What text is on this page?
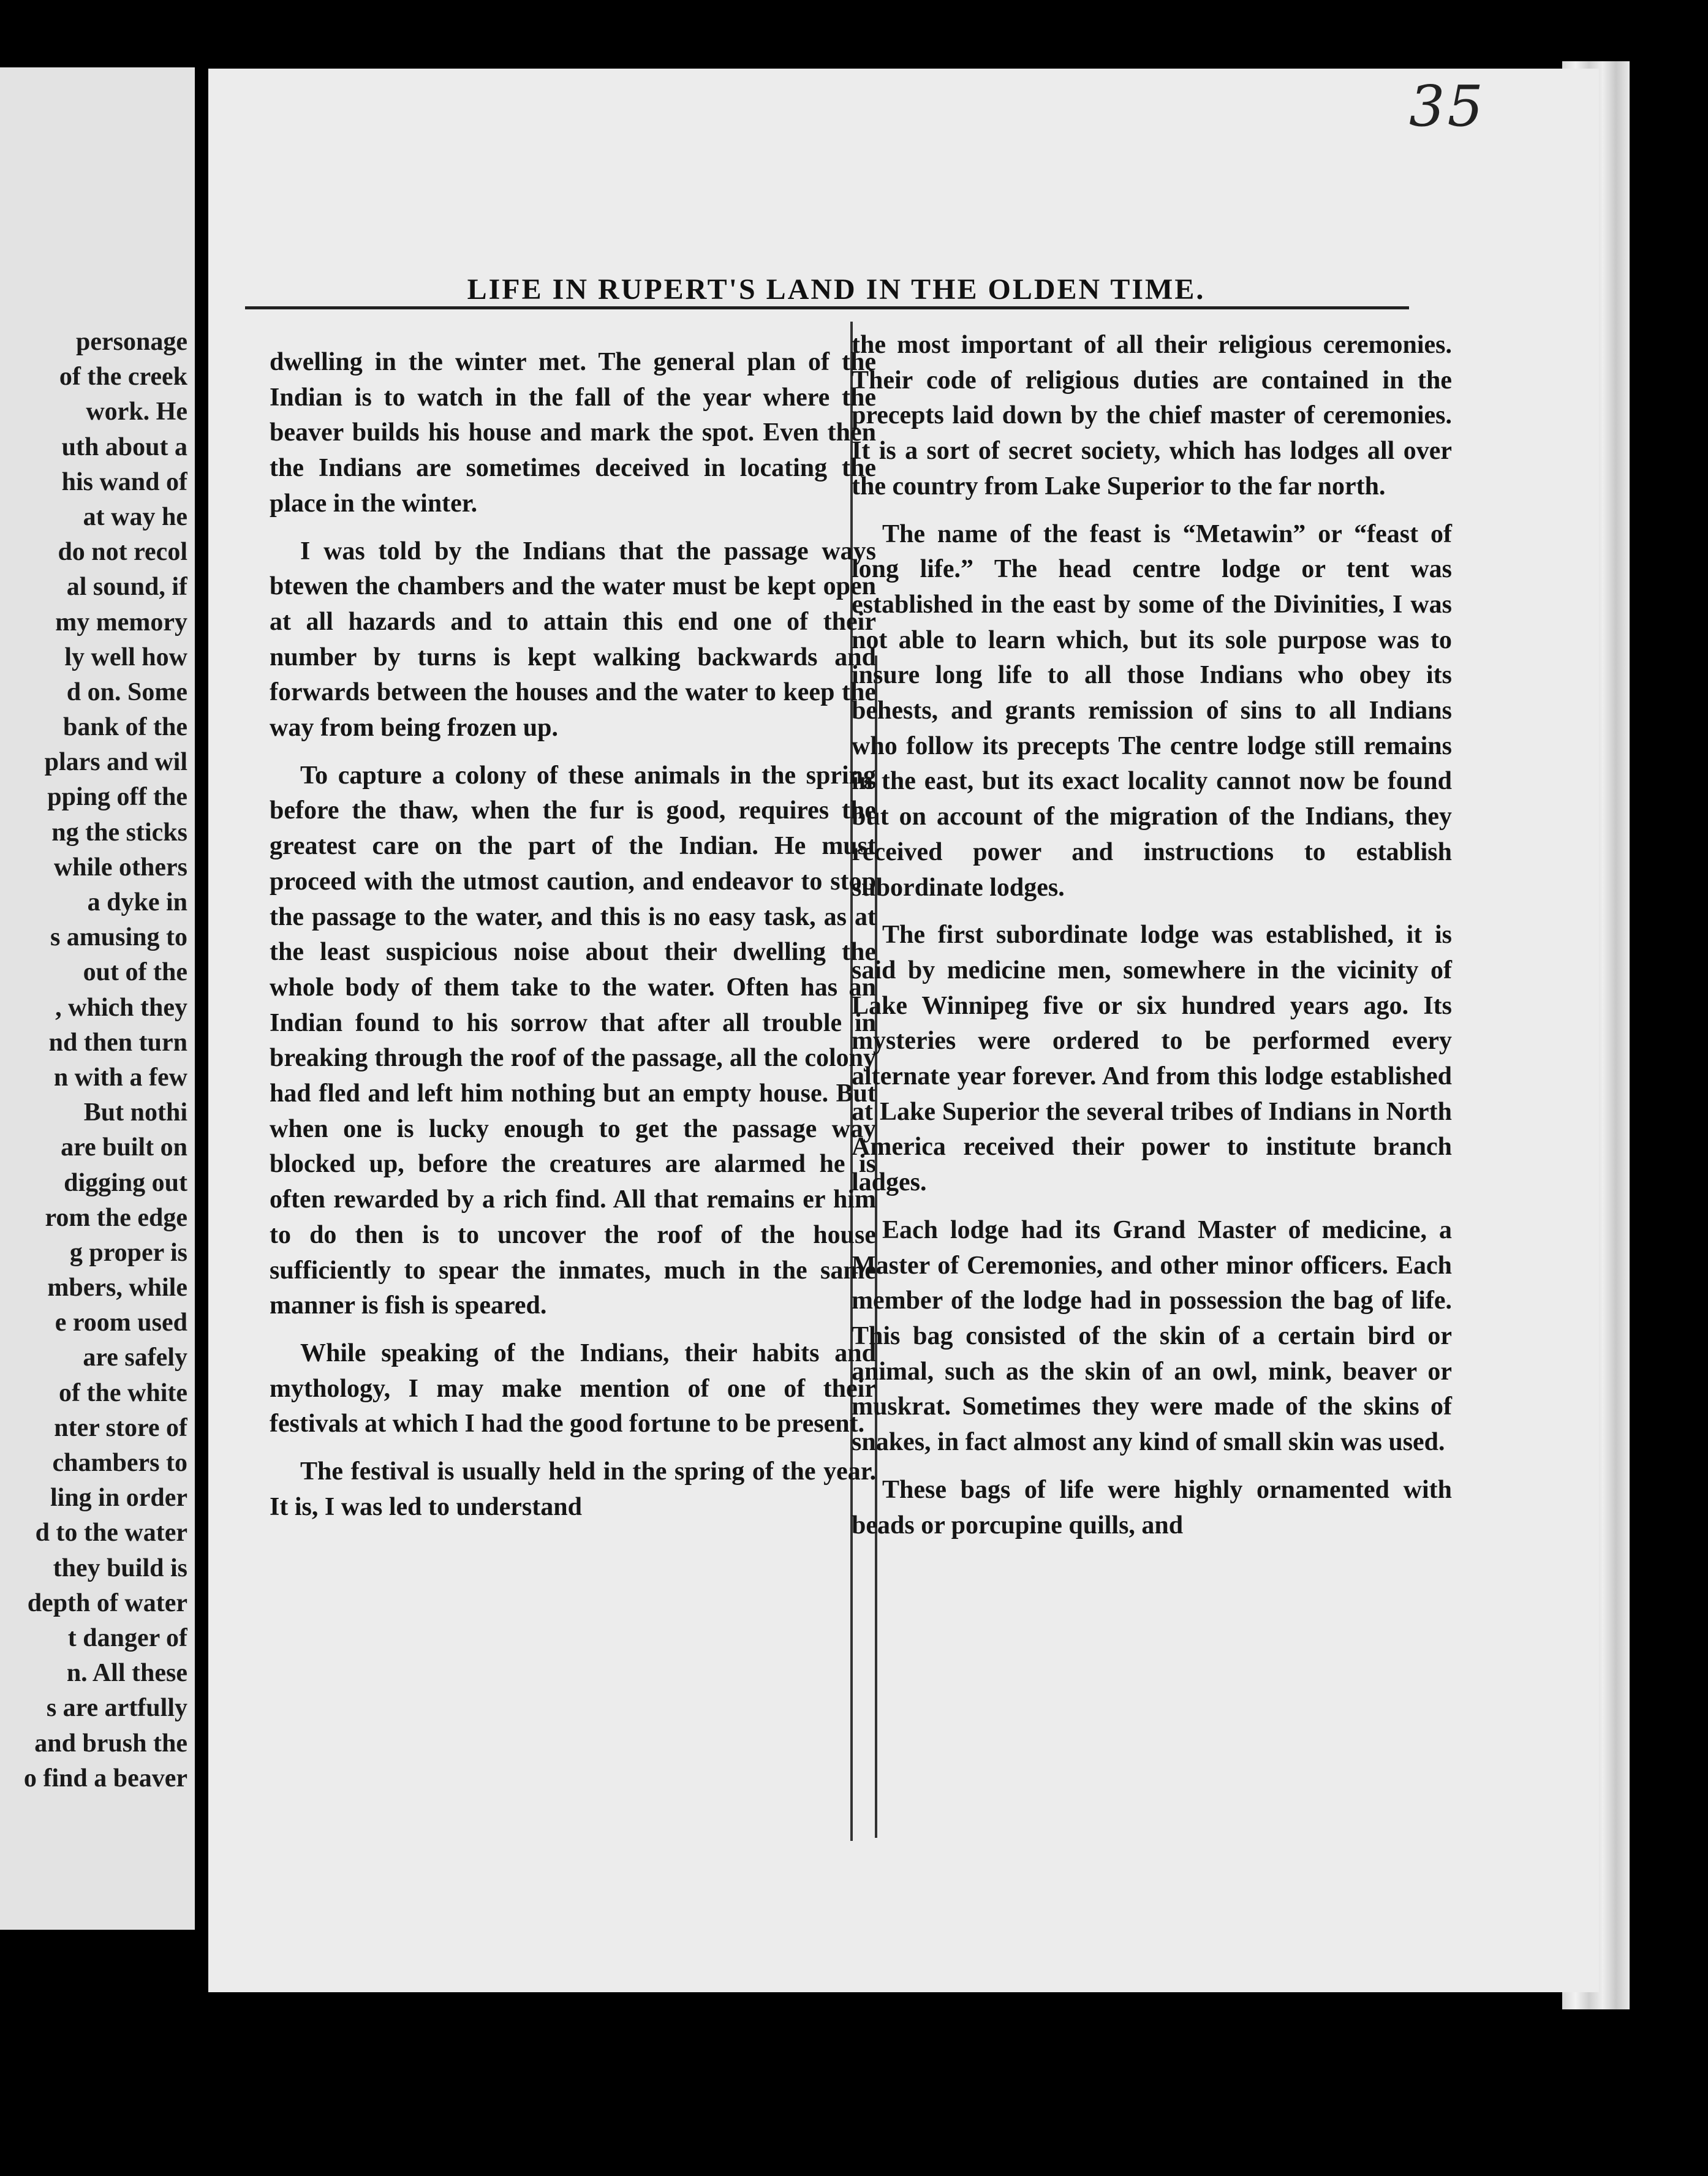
personage
of the creek
work. He
uth about a
his wand of
at way he
do not recol
al sound, if
my memory
ly well how
d on. Some
bank of the
plars and wil
pping off the
ng the sticks
while others
a dyke in
s amusing to
out of the
, which they
nd then turn
n with a few
But nothi
are built on
digging out
rom the edge
g proper is
mbers, while
e room used
are safely
of the white
nter store of
chambers to
ling in order
d to the water
they build is
depth of water
t danger of
n. All these
s are artfully
and brush the
o find a beaver
35
LIFE IN RUPERT'S LAND IN THE OLDEN TIME.

dwelling in the winter met. The general plan of the Indian is to watch in the fall of the year where the beaver builds his house and mark the spot. Even then the Indians are sometimes deceived in locating the place in the winter.

I was told by the Indians that the passage ways btewen the chambers and the water must be kept open at all hazards and to attain this end one of their number by turns is kept walking backwards and forwards between the houses and the water to keep the way from being frozen up.

To capture a colony of these animals in the spring before the thaw, when the fur is good, requires the greatest care on the part of the Indian. He must proceed with the utmost caution, and endeavor to stop the passage to the water, and this is no easy task, as at the least suspicious noise about their dwelling the whole body of them take to the water. Often has an Indian found to his sorrow that after all trouble in breaking through the roof of the passage, all the colony had fled and left him nothing but an empty house. But when one is lucky enough to get the passage way blocked up, before the creatures are alarmed he is often rewarded by a rich find. All that remains er him to do then is to uncover the roof of the house sufficiently to spear the inmates, much in the same manner is fish is speared.

While speaking of the Indians, their habits and mythology, I may make mention of one of their festivals at which I had the good fortune to be present.

The festival is usually held in the spring of the year. It is, I was led to understand

the most important of all their religious ceremonies. Their code of religious duties are contained in the precepts laid down by the chief master of ceremonies. It is a sort of secret society, which has lodges all over the country from Lake Superior to the far north.

The name of the feast is “Metawin” or “feast of long life.” The head centre lodge or tent was established in the east by some of the Divinities, I was not able to learn which, but its sole purpose was to insure long life to all those Indians who obey its behests, and grants remission of sins to all Indians who follow its precepts The centre lodge still remains in the east, but its exact locality cannot now be found but on account of the migration of the Indians, they received power and instructions to establish subordinate lodges.

The first subordinate lodge was established, it is said by medicine men, somewhere in the vicinity of Lake Winnipeg five or six hundred years ago. Its mysteries were ordered to be performed every alternate year forever. And from this lodge established at Lake Superior the several tribes of Indians in North America received their power to institute branch ladges.

Each lodge had its Grand Master of medicine, a Master of Ceremonies, and other minor officers. Each member of the lodge had in possession the bag of life. This bag consisted of the skin of a certain bird or animal, such as the skin of an owl, mink, beaver or muskrat. Sometimes they were made of the skins of snakes, in fact almost any kind of small skin was used.

These bags of life were highly ornamented with beads or porcupine quills, and
